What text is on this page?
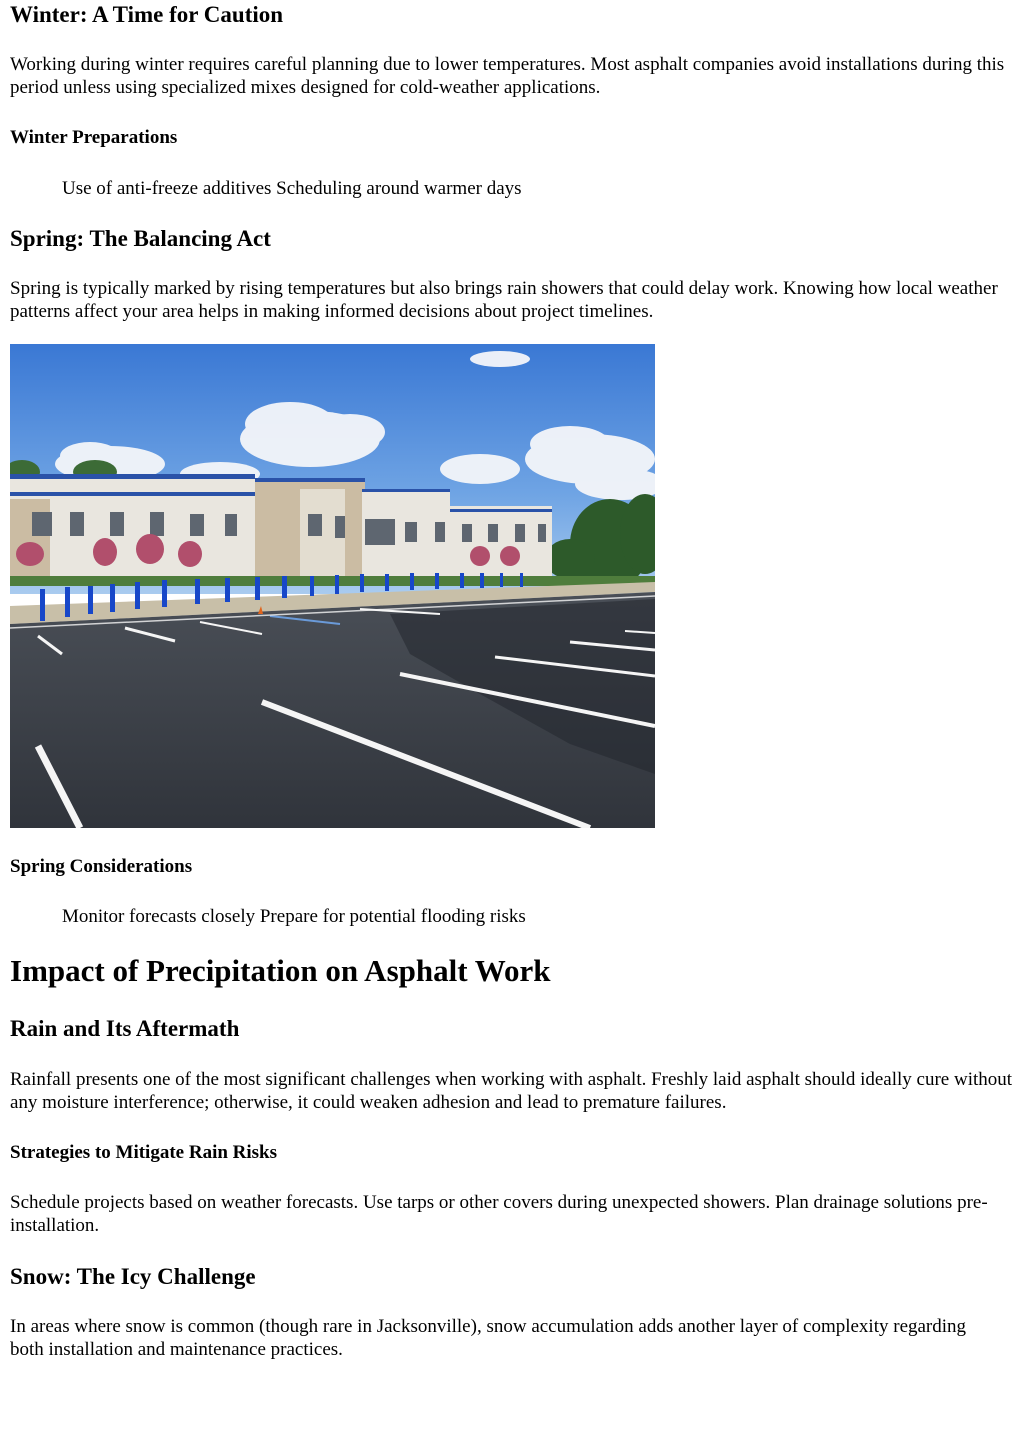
Winter: A Time for Caution

Working during winter requires careful planning due to lower temperatures. Most asphalt companies avoid installations during this period unless using specialized mixes designed for cold-weather applications.

Winter Preparations

Use of anti-freeze additives Scheduling around warmer days

Spring: The Balancing Act

Spring is typically marked by rising temperatures but also brings rain showers that could delay work. Knowing how local weather patterns affect your area helps in making informed decisions about project timelines.

Spring Considerations

Monitor forecasts closely Prepare for potential flooding risks

Impact of Precipitation on Asphalt Work
Rain and Its Aftermath

Rainfall presents one of the most significant challenges when working with asphalt. Freshly laid asphalt should ideally cure without any moisture interference; otherwise, it could weaken adhesion and lead to premature failures.

Strategies to Mitigate Rain Risks

Schedule projects based on weather forecasts. Use tarps or other covers during unexpected showers. Plan drainage solutions pre-installation.

Snow: The Icy Challenge

In areas where snow is common (though rare in Jacksonville), snow accumulation adds another layer of complexity regarding both installation and maintenance practices.
